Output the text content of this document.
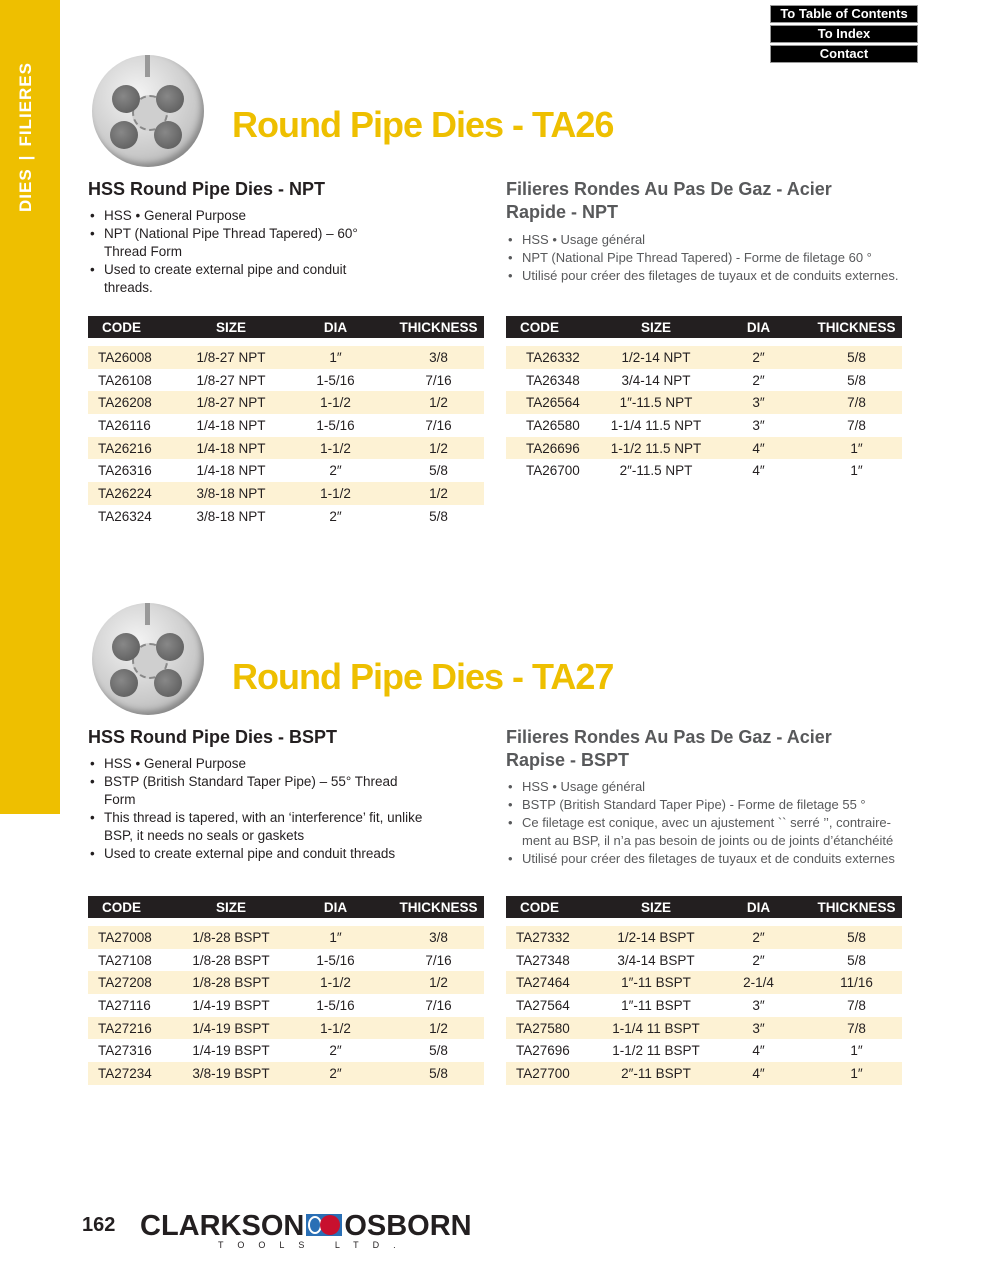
DIES|FILIERES
To Table of Contents
To Index
Contact
Round Pipe Dies - TA26
HSS Round Pipe Dies - NPT
• HSS • General Purpose
• NPT (National Pipe Thread Tapered) – 60° Thread Form
• Used to create external pipe and conduit threads.
Filieres Rondes Au Pas De Gaz - Acier Rapide - NPT
• HSS • Usage général
• NPT (National Pipe Thread Tapered) - Forme de filetage 60 °
• Utilisé pour créer des filetages de tuyaux et de conduits externes.
CODE	SIZE	DIA	THICKNESS

TA26008	1/8-27 NPT	1″	3/8
TA26108	1/8-27 NPT	1-5/16	7/16
TA26208	1/8-27 NPT	1-1/2	1/2
TA26116	1/4-18 NPT	1-5/16	7/16
TA26216	1/4-18 NPT	1-1/2	1/2
TA26316	1/4-18 NPT	2″	5/8
TA26224	3/8-18 NPT	1-1/2	1/2
TA26324	3/8-18 NPT	2″	5/8
CODE	SIZE	DIA	THICKNESS

TA26332	1/2-14 NPT	2″	5/8
TA26348	3/4-14 NPT	2″	5/8
TA26564	1″-11.5 NPT	3″	7/8
TA26580	1-1/4 11.5 NPT	3″	7/8
TA26696	1-1/2 11.5 NPT	4″	1″
TA26700	2″-11.5 NPT	4″	1″
Round Pipe Dies - TA27
HSS Round Pipe Dies - BSPT
• HSS • General Purpose
• BSTP (British Standard Taper Pipe) – 55° Thread Form
• This thread is tapered, with an ‘interference’ fit, unlike BSP, it needs no seals or gaskets
• Used to create external pipe and conduit threads
Filieres Rondes Au Pas De Gaz - Acier Rapise - BSPT
• HSS • Usage général
• BSTP (British Standard Taper Pipe) - Forme de filetage 55 °
• Ce filetage est conique, avec un ajustement `` serré ’’, contraire-ment au BSP, il n’a pas besoin de joints ou de joints d’étanchéité
• Utilisé pour créer des filetages de tuyaux et de conduits externes
CODE	SIZE	DIA	THICKNESS

TA27008	1/8-28 BSPT	1″	3/8
TA27108	1/8-28 BSPT	1-5/16	7/16
TA27208	1/8-28 BSPT	1-1/2	1/2
TA27116	1/4-19 BSPT	1-5/16	7/16
TA27216	1/4-19 BSPT	1-1/2	1/2
TA27316	1/4-19 BSPT	2″	5/8
TA27234	3/8-19 BSPT	2″	5/8
CODE	SIZE	DIA	THICKNESS

TA27332	1/2-14 BSPT	2″	5/8
TA27348	3/4-14 BSPT	2″	5/8
TA27464	1″-11 BSPT	2-1/4	11/16
TA27564	1″-11 BSPT	3″	7/8
TA27580	1-1/4 11 BSPT	3″	7/8
TA27696	1-1/2 11 BSPT	4″	1″
TA27700	2″-11 BSPT	4″	1″
162 CLARKSON OSBORN
TOOLS LTD.
